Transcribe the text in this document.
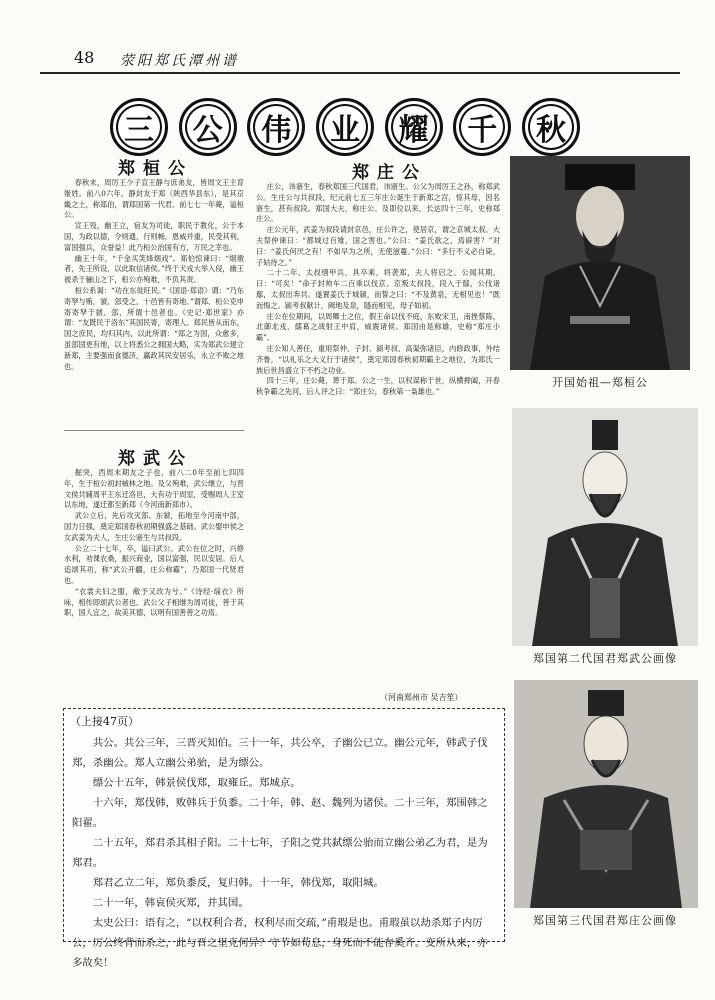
48 荥阳郑氏潭州谱
三	公	伟	业	耀	千	秋
郑桓公

春秋末，周厉王少子宣王静与庶弟友，皆周文王主育姬姓。前八0六年，静封友于郑（陕西华县东），是其京畿之土，称郑伯，谓郑国第一代君。前七七一年薨，谥桓公。

宣王殁，幽王立，宿友为司徒，职民于教化，公于本国，为政以德，令则通，行则畅，恩威并重，民受其利，富国强兵，众誉益！此乃桓公治国有方，万民之幸也。

幽王十年，“千金买笑烽烟戏”。郑伯惊谏曰：“烟墩者，先王所设，以此取信诸侯。”终于犬戎大举入侵，幽王被杀于骊山之下，桓公亦殉难，不负其责。

桓公系谒：“功在东徙旺民。”《国语·郑语》谓：“乃东寄孥与贿，虢、郐受之，十邑皆有寄地。”谓郑、桓公克申寄寄孥于虢、郐，所谓十邑者也。《史记·郑世家》亦谓：“友既民于洛东”其国民寄，寄理人。郑民皆从而东，国之庶民，均归其内，以此所谓：“郑之为国，众愈多，虽郐国更有地，以上将悉公之拥国大略，实为郑武公建立新郑，主要强而食德济，赢政其民安居乐，永立不败之地也。

郑武公

掘突，西周末期友之子也，前八二0年至前七四四年，生于桓公初封棫林之地。及父殉难，武公继立，与晋文侯共辅周平王东迁洛邑，大有功于周室，受赐周人王室以东地，遂迁都至新郑（今河南新郑市）。

武公立后，先后攻灭郐、东虢，拓地至今河南中部，国力日强，奠定郑国春秋初期强盛之基础。武公娶申侯之女武姜为夫人，生庄公寤生与共叔段。

公立二十七年，卒，谥曰武公。武公在位之时，兴修水利，劝课农桑，振兴商业，国以富强，民以安居。后人追颂其功，称“武公开疆，庄公称霸”，乃郑国一代贤君也。

“衣裳夫妇之服，敝予又改为兮。”《诗经·缁衣》所咏，相传即颂武公者也。武公父子相继为周司徒，善于其职，国人宜之，故美其德，以明有国善善之功焉。

郑庄公

庄公，讳寤生，春秋郑国三代国君，讳寤生。公父为周厉王之孙，称郑武公。生庄公与共叔段，纪元前七五三年庄公诞生于新郑之宫，惊其母，因名寤生，甚有叔段。郑国大夫，称庄公。及即位以来，长达四十三年，史称郑庄公。

庄公元年，武姜为叔段请封京邑，庄公许之，使居京，谓之京城太叔。大夫祭仲谏曰：“都城过百雉，国之害也。”公曰：“姜氏欲之，焉辟害？”对曰：“姜氏何厌之有！不如早为之所，无使滋蔓。”公曰：“多行不义必自毙，子姑待之。”

二十二年，太叔缮甲兵，具卒乘，将袭郑，夫人将启之。公闻其期，曰：“可矣！”命子封帅车二百乘以伐京。京叛太叔段，段入于鄢，公伐诸鄢，太叔出奔共。遂置姜氏于城颍，而誓之曰：“不及黄泉，无相见也！”既而悔之。颍考叔献计，阙地及泉，隧而相见，母子如初。

庄公在位期间，以周卿士之位，假王命以伐不庭，东败宋卫，南挫蔡陈，北御北戎，繻葛之战射王中肩，威震诸侯。郑国由是称雄，史称“郑庄小霸”。

庄公知人善任，重用祭仲、子封、颍考叔、高渠弥诸臣，内修政事，外结齐鲁，“以礼乐之大义行于诸侯”，奠定郑国春秋初期霸主之地位，为郑氏一族后世昌盛立下不朽之功业。

四十三年，庄公薨，葬于郑。公之一生，以权谋称于世，纵横捭阖，开春秋争霸之先河，后人评之曰：“郑庄公，春秋第一枭雄也。”

（河南郑州市 吴吉笙）
（上接47页）

共公。共公三年，三晋灭知伯。三十一年，共公卒，子幽公已立。幽公元年，韩武子伐郑，杀幽公。郑人立幽公弟骀，是为缥公。

缥公十五年，韩景侯伐郑，取雍丘。郑城京。

十六年，郑伐韩，败韩兵于负黍。二十年，韩、赵、魏列为诸侯。二十三年，郑围韩之阳翟。

二十五年，郑君杀其相子阳。二十七年，子阳之党共弑缥公骀而立幽公弟乙为君，是为郑君。

郑君乙立二年，郑负黍反，复归韩。十一年，韩伐郑，取阳城。

二十一年，韩哀侯灭郑，并其国。

太史公曰：语有之，“以权利合者，权利尽而交疏，”甫瑕是也。甫瑕虽以劫杀郑子内厉公，厉公终背而杀之，此与晋之里克何异？守节如荀息，身死而不能存奚齐。变所从来，亦多故矣！

开国始祖—郑桓公
郑国第二代国君郑武公画像
郑国第三代国君郑庄公画像
